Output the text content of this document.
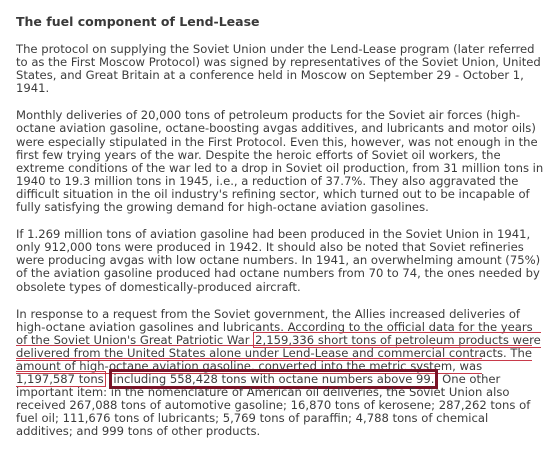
The fuel component of Lend-Lease

The protocol on supplying the Soviet Union under the Lend-Lease program (later referred to as the First Moscow Protocol) was signed by representatives of the Soviet Union, United States, and Great Britain at a conference held in Moscow on September 29 - October 1, 1941.

Monthly deliveries of 20,000 tons of petroleum products for the Soviet air forces (high-octane aviation gasoline, octane-boosting avgas additives, and lubricants and motor oils) were especially stipulated in the First Protocol. Even this, however, was not enough in the first few trying years of the war. Despite the heroic efforts of Soviet oil workers, the extreme conditions of the war led to a drop in Soviet oil production, from 31 million tons in 1940 to 19.3 million tons in 1945, i.e., a reduction of 37.7%. They also aggravated the difficult situation in the oil industry's refining sector, which turned out to be incapable of fully satisfying the growing demand for high-octane aviation gasolines.

If 1.269 million tons of aviation gasoline had been produced in the Soviet Union in 1941, only 912,000 tons were produced in 1942. It should also be noted that Soviet refineries were producing avgas with low octane numbers. In 1941, an overwhelming amount (75%) of the aviation gasoline produced had octane numbers from 70 to 74, the ones needed by obsolete types of domestically-produced aircraft.

In response to a request from the Soviet government, the Allies increased deliveries of high-octane aviation gasolines and lubricants. According to the official data for the years of the Soviet Union's Great Patriotic War 2,159,336 short tons of petroleum products were delivered from the United States alone under Lend-Lease and commercial contracts. The amount of high-octane aviation gasoline, converted into the metric system, was 1,197,587 tons including 558,428 tons with octane numbers above 99. One other important item: in the nomenclature of American oil deliveries, the Soviet Union also received 267,088 tons of automotive gasoline; 16,870 tons of kerosene; 287,262 tons of fuel oil; 111,676 tons of lubricants; 5,769 tons of paraffin; 4,788 tons of chemical additives; and 999 tons of other products.
